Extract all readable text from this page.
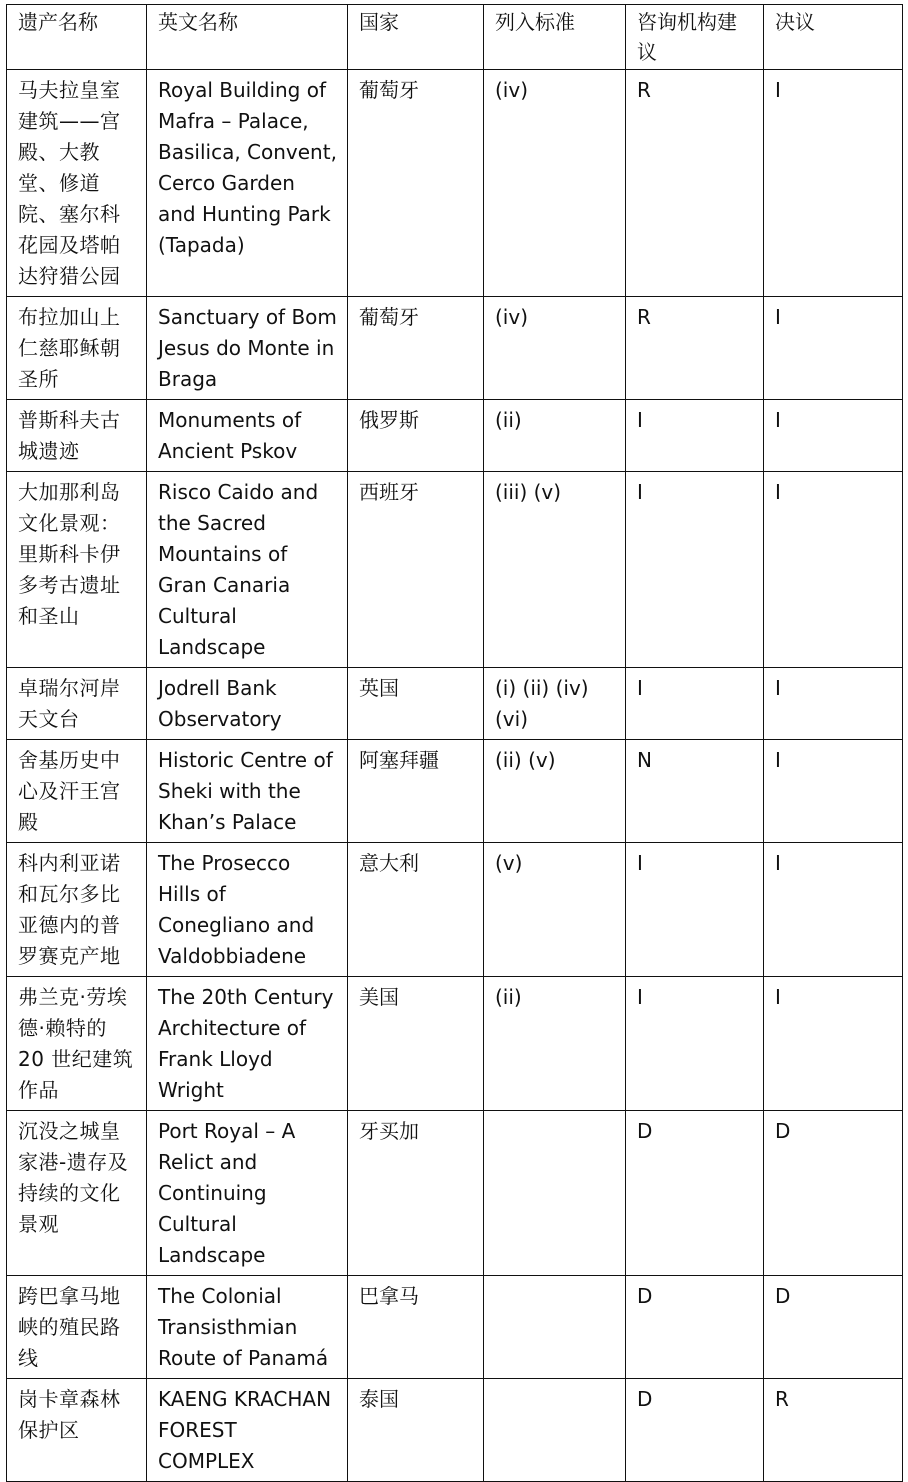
遗产名称	英文名称	国家	列入标准	咨询机构建议	决议
马夫拉皇室建筑——宫殿、大教堂、修道院、塞尔科花园及塔帕达狩猎公园	Royal Building of Mafra – Palace, Basilica, Convent, Cerco Garden and Hunting Park (Tapada)	葡萄牙	(iv)	R	I
布拉加山上仁慈耶稣朝圣所	Sanctuary of Bom Jesus do Monte in Braga	葡萄牙	(iv)	R	I
普斯科夫古城遗迹	Monuments of Ancient Pskov	俄罗斯	(ii)	I	I
大加那利岛文化景观：里斯科卡伊多考古遗址和圣山	Risco Caido and the Sacred Mountains of Gran Canaria Cultural Landscape	西班牙	(iii) (v)	I	I
卓瑞尔河岸天文台	Jodrell Bank Observatory	英国	(i) (ii) (iv) (vi)	I	I
舍基历史中心及汗王宫殿	Historic Centre of Sheki with the Khan’s Palace	阿塞拜疆	(ii) (v)	N	I
科内利亚诺和瓦尔多比亚德内的普罗赛克产地	The Prosecco Hills of Conegliano and Valdobbiadene	意大利	(v)	I	I
弗兰克·劳埃德·赖特的 20 世纪建筑作品	The 20th Century Architecture of Frank Lloyd Wright	美国	(ii)	I	I
沉没之城皇家港-遗存及持续的文化景观	Port Royal – A Relict and Continuing Cultural Landscape	牙买加		D	D
跨巴拿马地峡的殖民路线	The Colonial Transisthmian Route of Panamá	巴拿马		D	D
岗卡章森林保护区	KAENG KRACHAN FOREST COMPLEX	泰国		D	R
